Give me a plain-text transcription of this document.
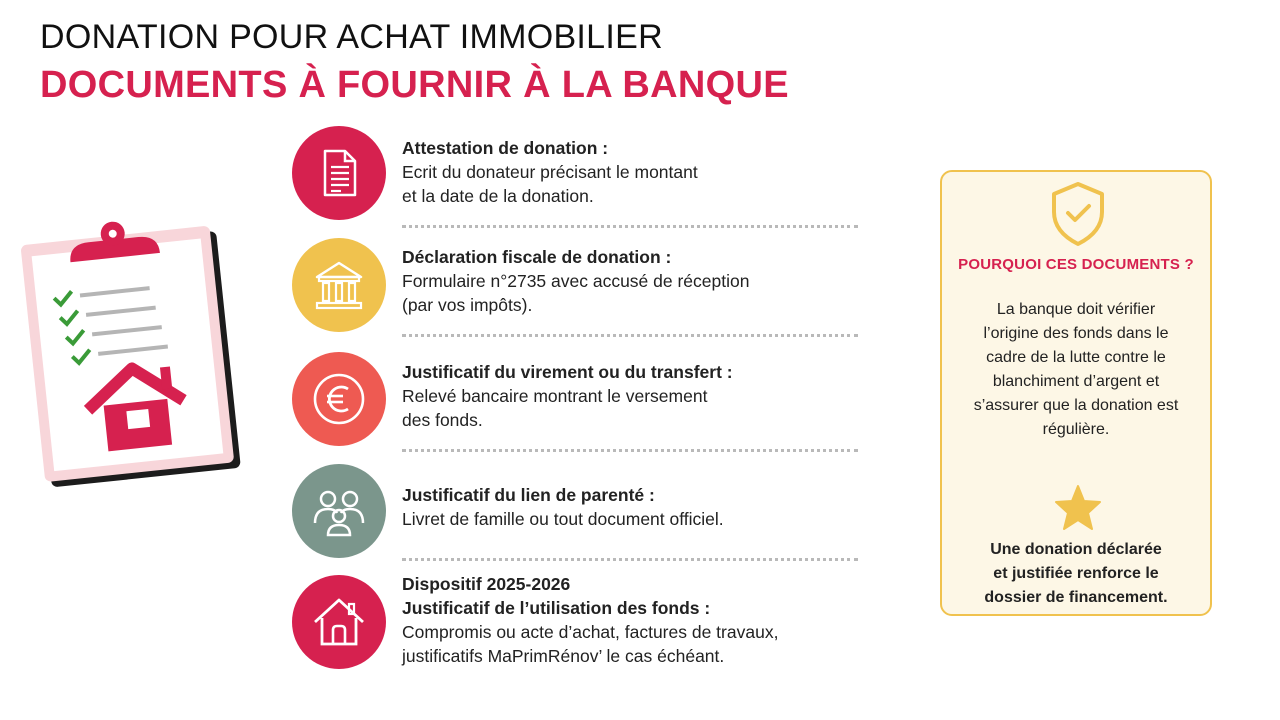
DONATION POUR ACHAT IMMOBILIER
DOCUMENTS À FOURNIR À LA BANQUE
Attestation de donation :
Ecrit du donateur précisant le montant
et la date de la donation.
Déclaration fiscale de donation :
Formulaire n°2735 avec accusé de réception
(par vos impôts).
Justificatif du virement ou du transfert :
Relevé bancaire montrant le versement
des fonds.
Justificatif du lien de parenté :
Livret de famille ou tout document officiel.
Dispositif 2025-2026
Justificatif de l’utilisation des fonds :
Compromis ou acte d’achat, factures de travaux,
justificatifs MaPrimRénov’ le cas échéant.
POURQUOI CES DOCUMENTS ?
La banque doit vérifier
l’origine des fonds dans le
cadre de la lutte contre le
blanchiment d’argent et
s’assurer que la donation est
régulière.
Une donation déclarée
et justifiée renforce le
dossier de financement.
